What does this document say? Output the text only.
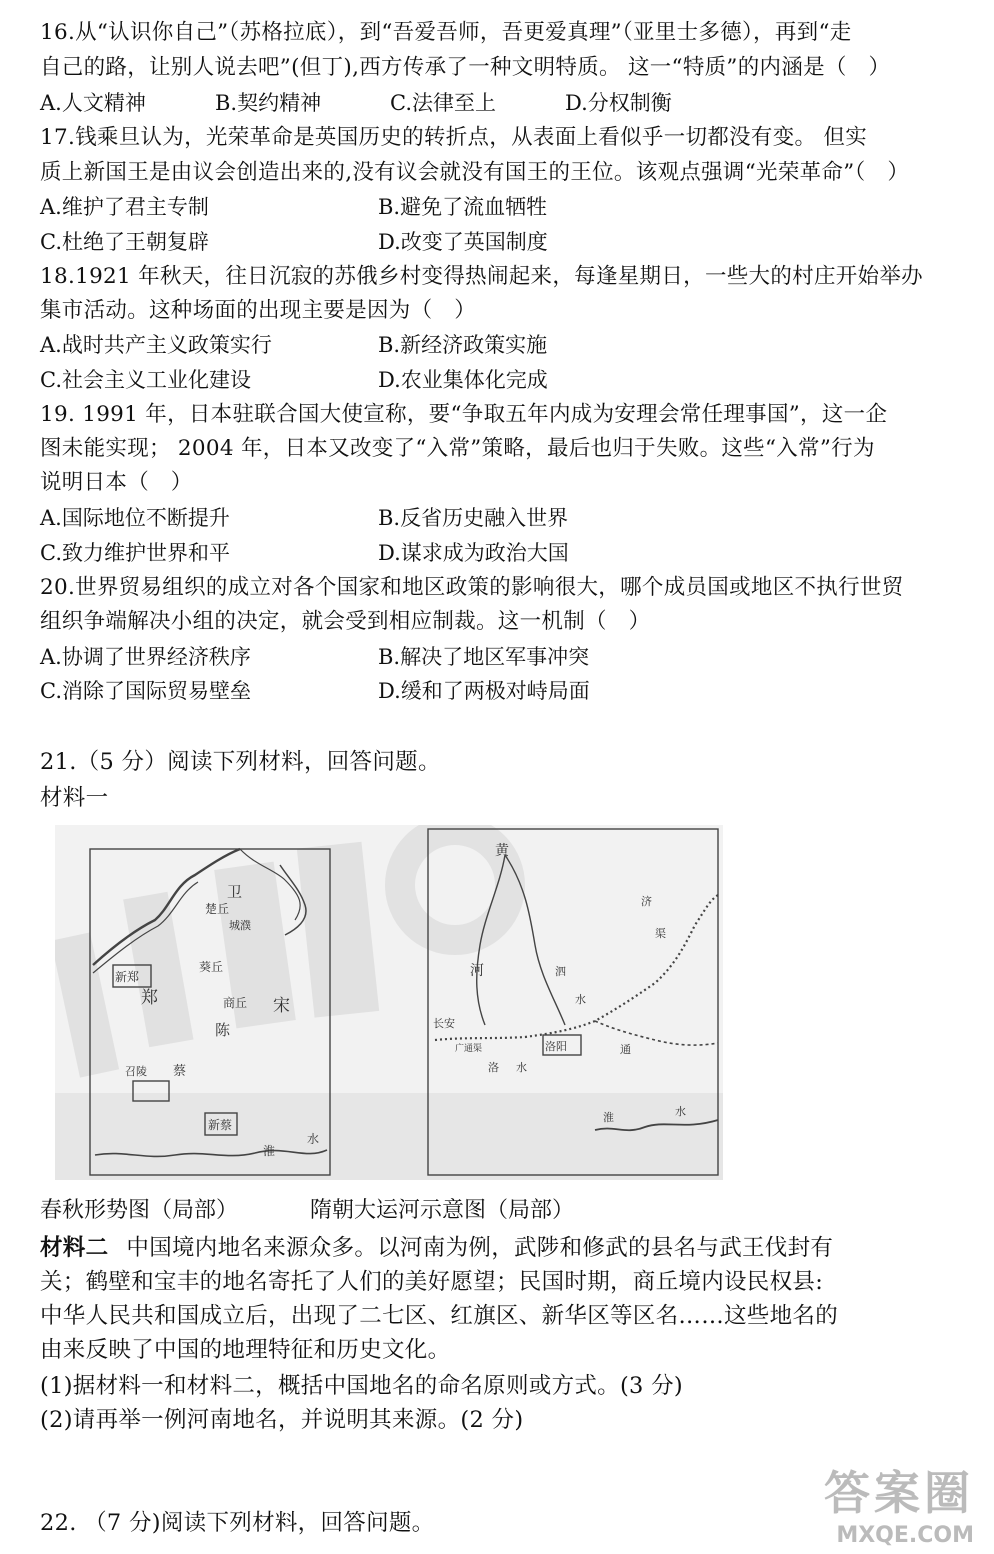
16.从“认识你自己”（苏格拉底），到“吾爱吾师，吾更爱真理”（亚里士多德），再到“走
自己的路，让别人说去吧”(但丁),西方传承了一种文明特质。 这一“特质”的内涵是（　）
A.人文精神	B.契约精神	C.法律至上	D.分权制衡
17.钱乘旦认为，光荣革命是英国历史的转折点，从表面上看似乎一切都没有变。 但实
质上新国王是由议会创造出来的,没有议会就没有国王的王位。该观点强调“光荣革命”（　）
A.维护了君主专制	B.避免了流血牺牲
C.杜绝了王朝复辟	D.改变了英国制度
18.1921 年秋天，往日沉寂的苏俄乡村变得热闹起来，每逢星期日，一些大的村庄开始举办
集市活动。这种场面的出现主要是因为（　）
A.战时共产主义政策实行	B.新经济政策实施
C.社会主义工业化建设	D.农业集体化完成
19. 1991 年，日本驻联合国大使宣称，要“争取五年内成为安理会常任理事国”，这一企
图未能实现； 2004 年，日本又改变了“入常”策略，最后也归于失败。这些“入常”行为
说明日本（　）
A.国际地位不断提升	B.反省历史融入世界
C.致力维护世界和平	D.谋求成为政治大国
20.世界贸易组织的成立对各个国家和地区政策的影响很大，哪个成员国或地区不执行世贸
组织争端解决小组的决定，就会受到相应制裁。这一机制（　）
A.协调了世界经济秩序	B.解决了地区军事冲突
C.消除了国际贸易壁垒	D.缓和了两极对峙局面
21.（5 分）阅读下列材料，回答问题。
材料一
卫
楚丘
城濮
新郑
郑
葵丘
商丘 宋
陈
召陵 蔡
新蔡
淮
水
黄
河
长安
广通渠
洛 水
洛阳
泗
水
济
渠
通
淮	水
春秋形势图（局部）	隋朝大运河示意图（局部）
材料二 中国境内地名来源众多。以河南为例，武陟和修武的县名与武王伐封有
关；鹤壁和宝丰的地名寄托了人们的美好愿望；民国时期，商丘境内设民权县:
中华人民共和国成立后，出现了二七区、红旗区、新华区等区名……这些地名的
由来反映了中国的地理特征和历史文化。
(1)据材料一和材料二，概括中国地名的命名原则或方式。(3 分)
(2)请再举一例河南地名，并说明其来源。(2 分)
22. （7 分)阅读下列材料，回答问题。
答案圈
MXQE.COM
